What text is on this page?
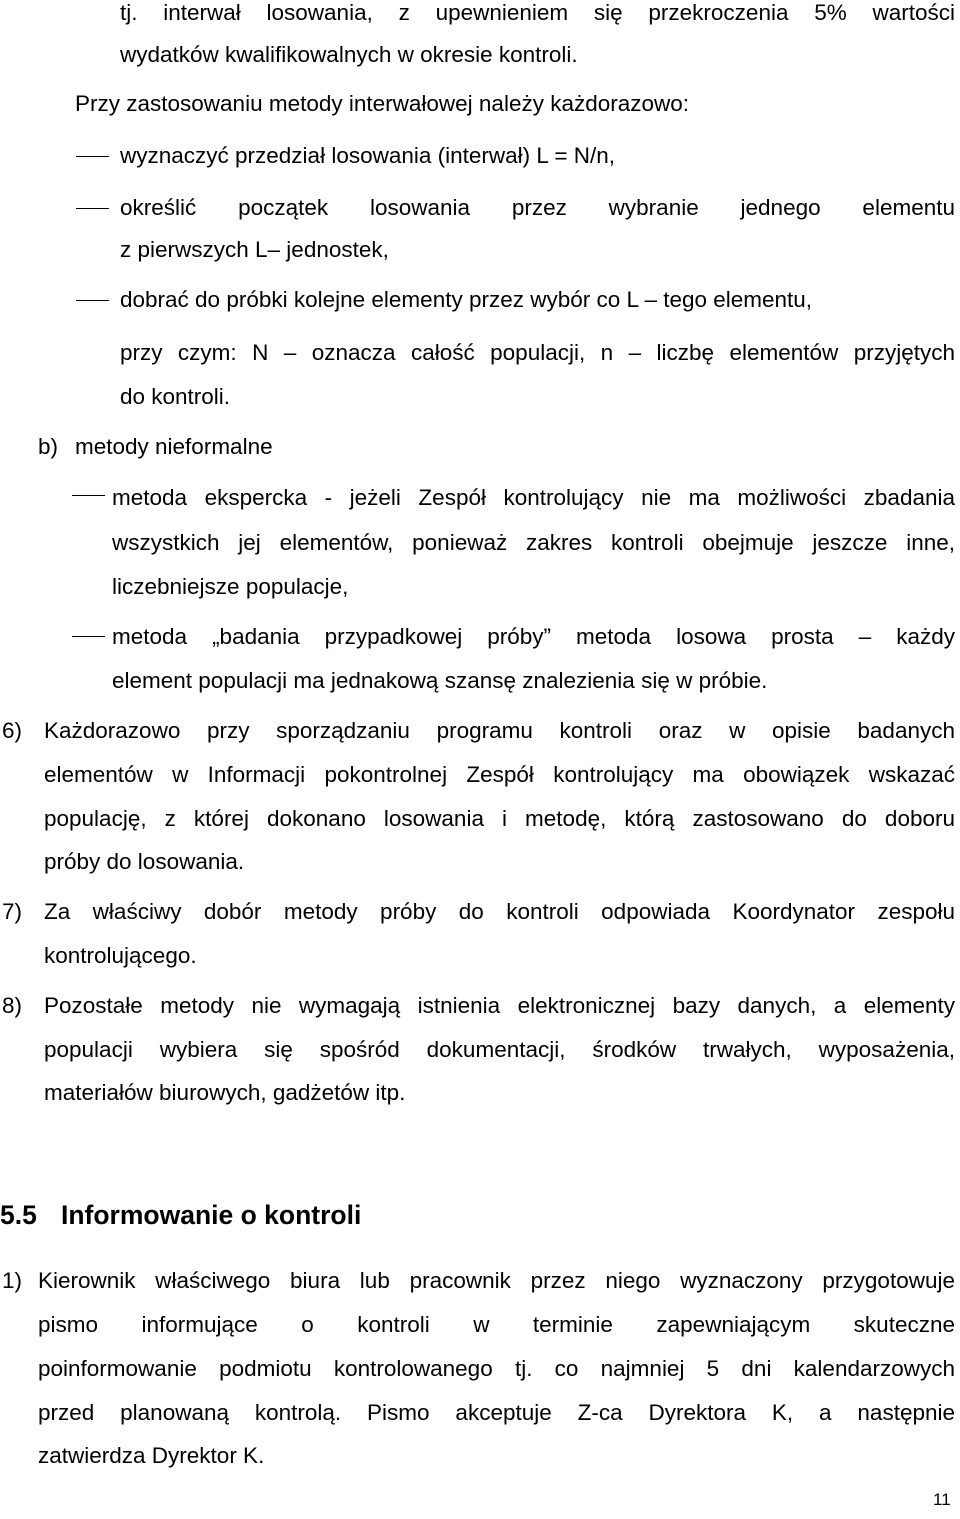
tj. interwał losowania, z upewnieniem się przekroczenia 5% wartości

wydatków kwalifikowalnych w okresie kontroli.

Przy zastosowaniu metody interwałowej należy każdorazowo:

wyznaczyć przedział losowania (interwał) L = N/n,

określić początek losowania przez wybranie jednego elementu

z pierwszych L– jednostek,

dobrać do próbki kolejne elementy przez wybór co L – tego elementu,

przy czym: N – oznacza całość populacji, n – liczbę elementów przyjętych

do kontroli.

b) metody nieformalne

metoda ekspercka - jeżeli Zespół kontrolujący nie ma możliwości zbadania

wszystkich jej elementów, ponieważ zakres kontroli obejmuje jeszcze inne,

liczebniejsze populacje,

metoda „badania przypadkowej próby” metoda losowa prosta – każdy

element populacji ma jednakową szansę znalezienia się w próbie.

6) Każdorazowo przy sporządzaniu programu kontroli oraz w opisie badanych

elementów w Informacji pokontrolnej Zespół kontrolujący ma obowiązek wskazać

populację, z której dokonano losowania i metodę, którą zastosowano do doboru

próby do losowania.

7) Za właściwy dobór metody próby do kontroli odpowiada Koordynator zespołu

kontrolującego.

8) Pozostałe metody nie wymagają istnienia elektronicznej bazy danych, a elementy

populacji wybiera się spośród dokumentacji, środków trwałych, wyposażenia,

materiałów biurowych, gadżetów itp.

5.5 Informowanie o kontroli
1) Kierownik właściwego biura lub pracownik przez niego wyznaczony przygotowuje

pismo informujące o kontroli w terminie zapewniającym skuteczne

poinformowanie podmiotu kontrolowanego tj. co najmniej 5 dni kalendarzowych

przed planowaną kontrolą. Pismo akceptuje Z-ca Dyrektora K, a następnie

zatwierdza Dyrektor K.

11
